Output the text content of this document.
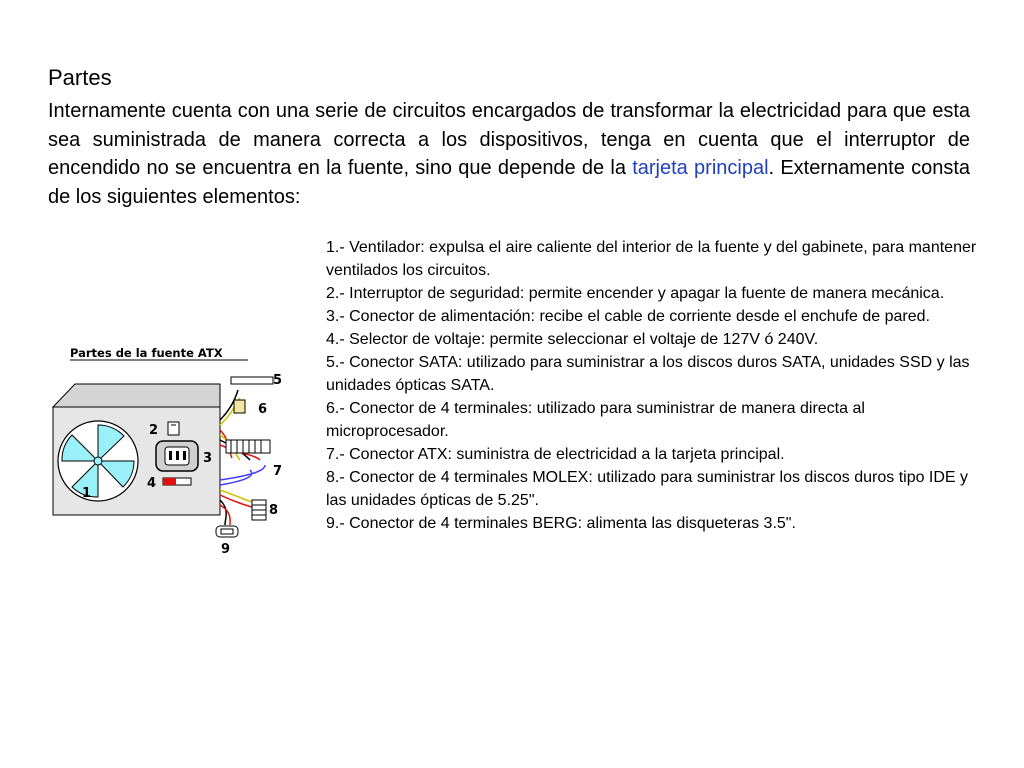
Partes

Internamente cuenta con una serie de circuitos encargados de transformar la electricidad para que esta sea suministrada de manera correcta a los dispositivos, tenga en cuenta que el interruptor de encendido no se encuentra en la fuente, sino que depende de la tarjeta principal. Externamente consta de los siguientes elementos:

Partes de la fuente ATX
1
2
3
4
5
6
7
8
9
1.- Ventilador: expulsa el aire caliente del interior de la fuente y del gabinete, para mantener ventilados los circuitos.
2.- Interruptor de seguridad: permite encender y apagar la fuente de manera mecánica.
3.- Conector de alimentación: recibe el cable de corriente desde el enchufe de pared.
4.- Selector de voltaje: permite seleccionar el voltaje de 127V ó 240V.
5.- Conector SATA: utilizado para suministrar a los discos duros SATA, unidades SSD y las unidades ópticas SATA.
6.- Conector de 4 terminales: utilizado para suministrar de manera directa al microprocesador.
7.- Conector ATX: suministra de electricidad a la tarjeta principal.
8.- Conector de 4 terminales MOLEX: utilizado para suministrar los discos duros tipo IDE y las unidades ópticas de 5.25".
9.- Conector de 4 terminales BERG: alimenta las disqueteras 3.5".
